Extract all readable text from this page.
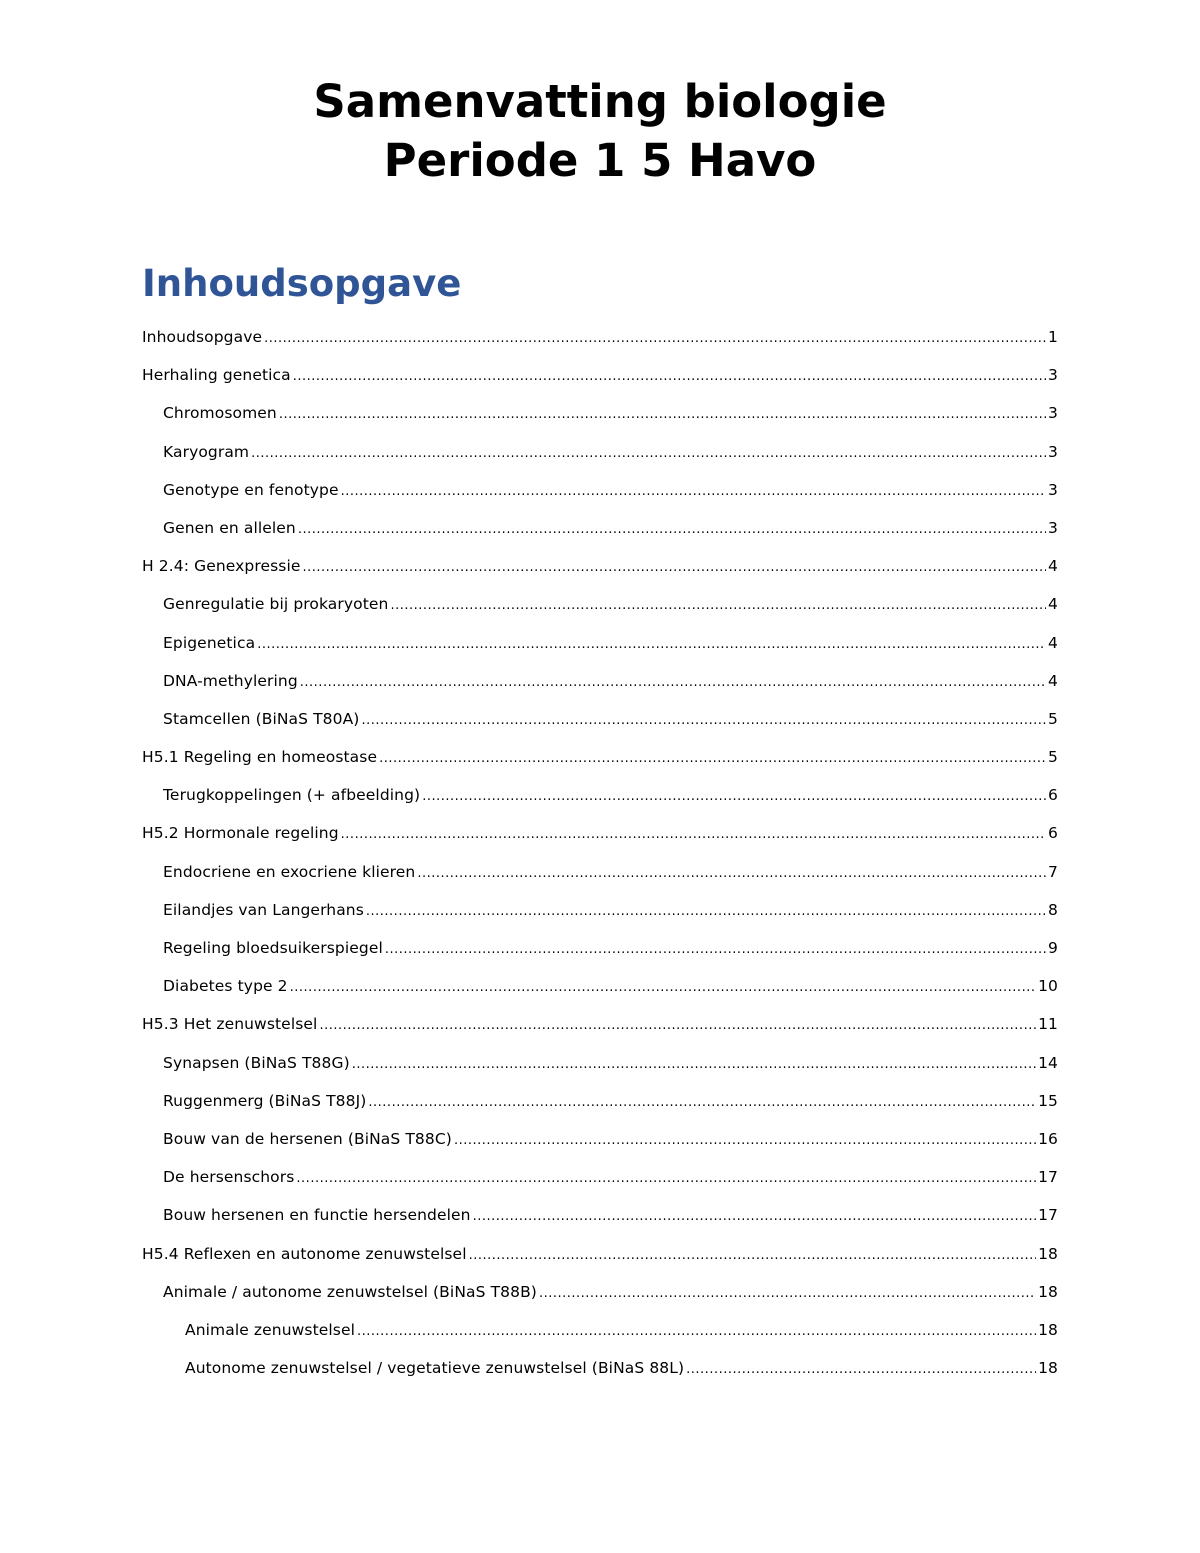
Samenvatting biologie
Periode 1 5 Havo
Inhoudsopgave
Inhoudsopgave .....	1
Herhaling genetica .....	3
Chromosomen .....	3
Karyogram .....	3
Genotype en fenotype .....	3
Genen en allelen .....	3
H 2.4: Genexpressie .....	4
Genregulatie bij prokaryoten .....	4
Epigenetica .....	4
DNA-methylering .....	4
Stamcellen (BiNaS T80A) .....	5
H5.1 Regeling en homeostase .....	5
Terugkoppelingen (+ afbeelding) .....	6
H5.2 Hormonale regeling .....	6
Endocriene en exocriene klieren .....	7
Eilandjes van Langerhans .....	8
Regeling bloedsuikerspiegel .....	9
Diabetes type 2 .....	10
H5.3 Het zenuwstelsel .....	11
Synapsen (BiNaS T88G) .....	14
Ruggenmerg (BiNaS T88J) .....	15
Bouw van de hersenen (BiNaS T88C) .....	16
De hersenschors .....	17
Bouw hersenen en functie hersendelen .....	17
H5.4 Reflexen en autonome zenuwstelsel .....	18
Animale / autonome zenuwstelsel (BiNaS T88B) .....	18
Animale zenuwstelsel .....	18
Autonome zenuwstelsel / vegetatieve zenuwstelsel (BiNaS 88L) .....	18
